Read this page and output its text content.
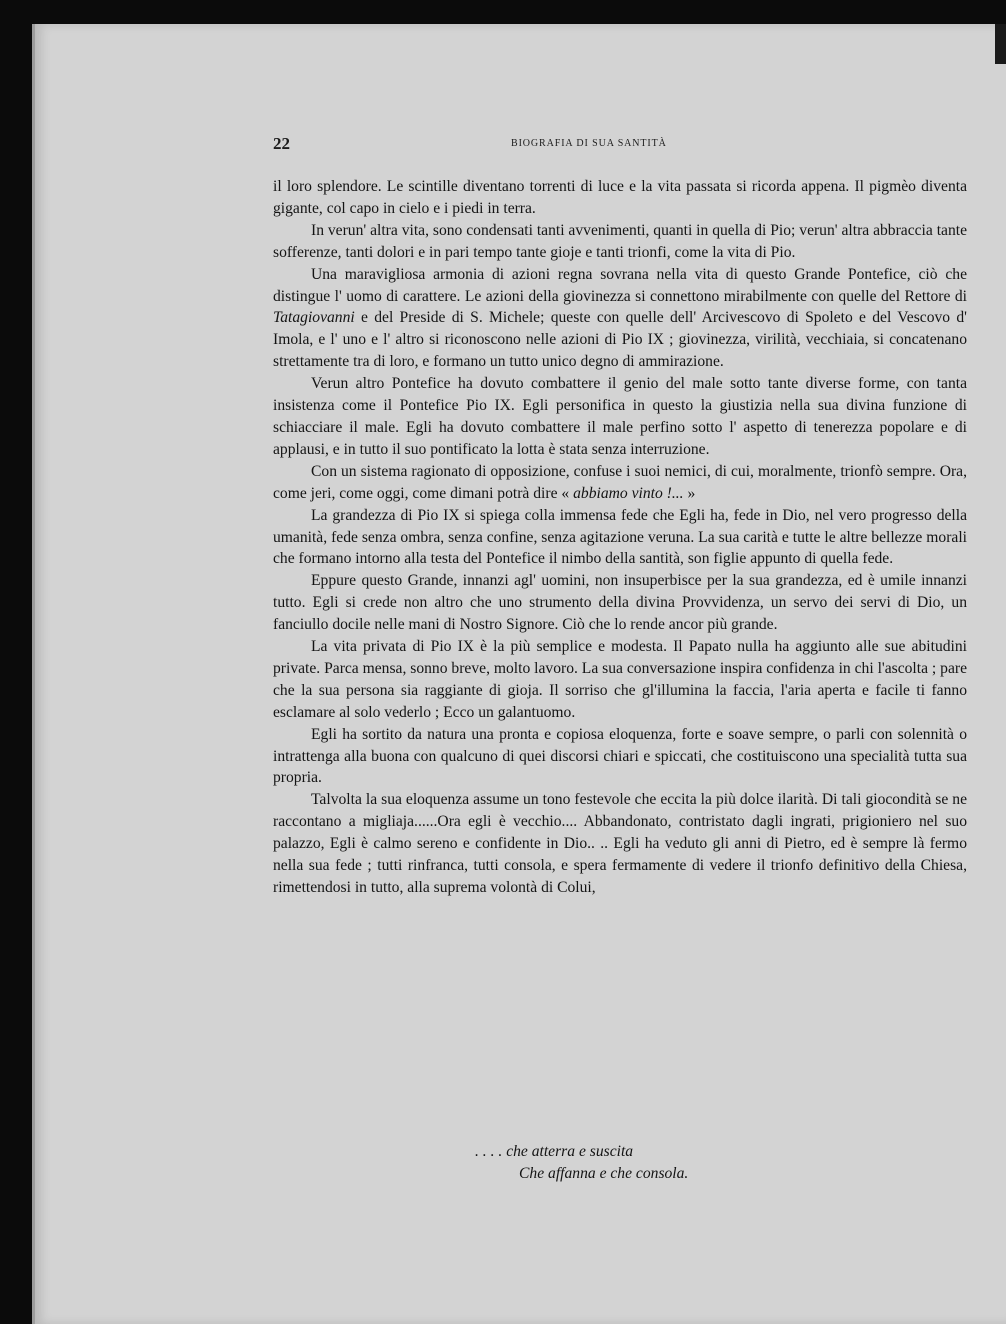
22	BIOGRAFIA DI SUA SANTITÀ

il loro splendore. Le scintille diventano torrenti di luce e la vita passata si ricorda appena. Il pigmèo diventa gigante, col capo in cielo e i piedi in terra.

In verun' altra vita, sono condensati tanti avvenimenti, quanti in quella di Pio; verun' altra abbraccia tante sofferenze, tanti dolori e in pari tempo tante gioje e tanti trionfi, come la vita di Pio.

Una maravigliosa armonia di azioni regna sovrana nella vita di questo Grande Pontefice, ciò che distingue l' uomo di carattere. Le azioni della giovinezza si connettono mirabilmente con quelle del Rettore di Tatagiovanni e del Preside di S. Michele; queste con quelle dell' Arcivescovo di Spoleto e del Vescovo d' Imola, e l' uno e l' altro si riconoscono nelle azioni di Pio IX ; giovinezza, virilità, vecchiaia, si concatenano strettamente tra di loro, e formano un tutto unico degno di ammirazione.

Verun altro Pontefice ha dovuto combattere il genio del male sotto tante diverse forme, con tanta insistenza come il Pontefice Pio IX. Egli personifica in questo la giustizia nella sua divina funzione di schiacciare il male. Egli ha dovuto combattere il male perfino sotto l' aspetto di tenerezza popolare e di applausi, e in tutto il suo pontificato la lotta è stata senza interruzione.

Con un sistema ragionato di opposizione, confuse i suoi nemici, di cui, moralmente, trionfò sempre. Ora, come jeri, come oggi, come dimani potrà dire « abbiamo vinto !... »

La grandezza di Pio IX si spiega colla immensa fede che Egli ha, fede in Dio, nel vero progresso della umanità, fede senza ombra, senza confine, senza agitazione veruna. La sua carità e tutte le altre bellezze morali che formano intorno alla testa del Pontefice il nimbo della santità, son figlie appunto di quella fede.

Eppure questo Grande, innanzi agl' uomini, non insuperbisce per la sua grandezza, ed è umile innanzi tutto. Egli si crede non altro che uno strumento della divina Provvidenza, un servo dei servi di Dio, un fanciullo docile nelle mani di Nostro Signore. Ciò che lo rende ancor più grande.

La vita privata di Pio IX è la più semplice e modesta. Il Papato nulla ha aggiunto alle sue abitudini private. Parca mensa, sonno breve, molto lavoro. La sua conversazione inspira confidenza in chi l'ascolta ; pare che la sua persona sia raggiante di gioja. Il sorriso che gl'illumina la faccia, l'aria aperta e facile ti fanno esclamare al solo vederlo ; Ecco un galantuomo.

Egli ha sortito da natura una pronta e copiosa eloquenza, forte e soave sempre, o parli con solennità o intrattenga alla buona con qualcuno di quei discorsi chiari e spiccati, che costituiscono una specialità tutta sua propria.

Talvolta la sua eloquenza assume un tono festevole che eccita la più dolce ilarità. Di tali giocondità se ne raccontano a migliaja......Ora egli è vecchio.... Abbandonato, contristato dagli ingrati, prigioniero nel suo palazzo, Egli è calmo sereno e confidente in Dio.. .. Egli ha veduto gli anni di Pietro, ed è sempre là fermo nella sua fede ; tutti rinfranca, tutti consola, e spera fermamente di vedere il trionfo definitivo della Chiesa, rimettendosi in tutto, alla suprema volontà di Colui,

. . . . che atterra e suscita
Che affanna e che consola.
